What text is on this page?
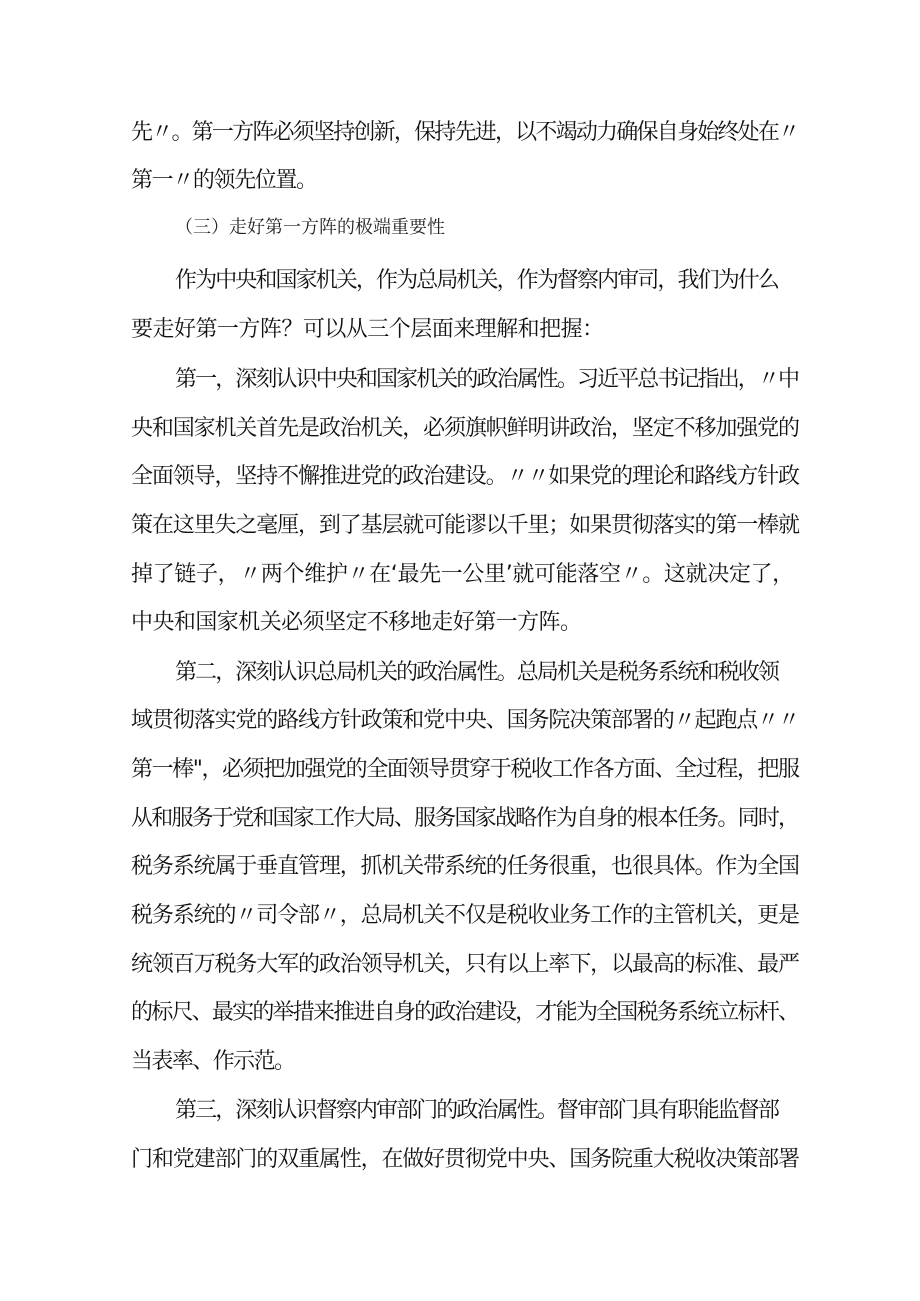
先〃。第一方阵必须坚持创新，保持先进，以不竭动力确保自身始终处在〃
第一〃的领先位置。
（三）走好第一方阵的极端重要性
作为中央和国家机关，作为总局机关，作为督察内审司，我们为什么
要走好第一方阵？可以从三个层面来理解和把握：
第一，深刻认识中央和国家机关的政治属性。习近平总书记指出，〃中
央和国家机关首先是政治机关，必须旗帜鲜明讲政治，坚定不移加强党的
全面领导，坚持不懈推进党的政治建设。〃〃如果党的理论和路线方针政
策在这里失之毫厘，到了基层就可能谬以千里；如果贯彻落实的第一棒就
掉了链子，〃两个维护〃在‘最先一公里’就可能落空〃。这就决定了，
中央和国家机关必须坚定不移地走好第一方阵。
第二，深刻认识总局机关的政治属性。总局机关是税务系统和税收领
域贯彻落实党的路线方针政策和党中央、国务院决策部署的〃起跑点〃〃
第一棒"，必须把加强党的全面领导贯穿于税收工作各方面、全过程，把服
从和服务于党和国家工作大局、服务国家战略作为自身的根本任务。同时，
税务系统属于垂直管理，抓机关带系统的任务很重，也很具体。作为全国
税务系统的〃司令部〃，总局机关不仅是税收业务工作的主管机关，更是
统领百万税务大军的政治领导机关，只有以上率下，以最高的标准、最严
的标尺、最实的举措来推进自身的政治建设，才能为全国税务系统立标杆、
当表率、作示范。
第三，深刻认识督察内审部门的政治属性。督审部门具有职能监督部
门和党建部门的双重属性，在做好贯彻党中央、国务院重大税收决策部署
